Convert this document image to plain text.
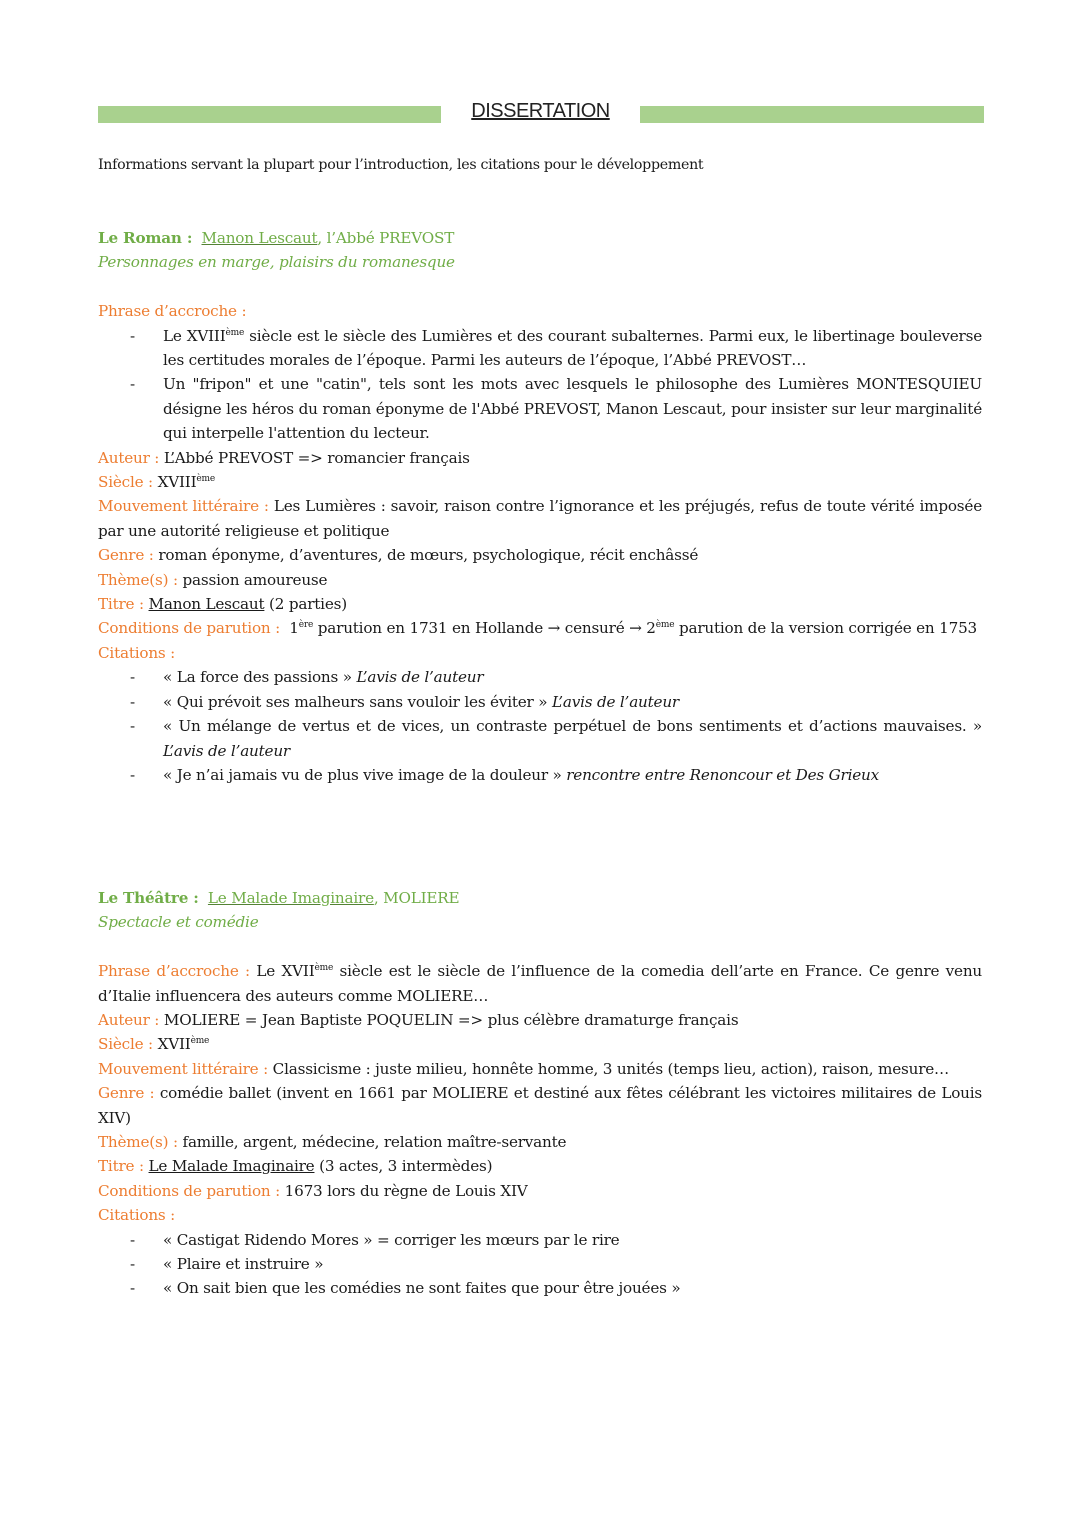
DISSERTATION
Informations servant la plupart pour l’introduction, les citations pour le développement
Le Roman : Manon Lescaut, l’Abbé PREVOST
Personnages en marge, plaisirs du romanesque
Phrase d’accroche :
- Le XVIIIème siècle est le siècle des Lumières et des courant subalternes. Parmi eux, le libertinage bouleverse les certitudes morales de l’époque. Parmi les auteurs de l’époque, l’Abbé PREVOST…
- Un "fripon" et une "catin", tels sont les mots avec lesquels le philosophe des Lumières MONTESQUIEU désigne les héros du roman éponyme de l'Abbé PREVOST, Manon Lescaut, pour insister sur leur marginalité qui interpelle l'attention du lecteur.
Auteur : L’Abbé PREVOST => romancier français
Siècle : XVIIIème
Mouvement littéraire : Les Lumières : savoir, raison contre l’ignorance et les préjugés, refus de toute vérité imposée par une autorité religieuse et politique
Genre : roman éponyme, d’aventures, de mœurs, psychologique, récit enchâssé
Thème(s) : passion amoureuse
Titre : Manon Lescaut (2 parties)
Conditions de parution : 1ère parution en 1731 en Hollande → censuré → 2ème parution de la version corrigée en 1753
Citations :
- « La force des passions » L’avis de l’auteur
- « Qui prévoit ses malheurs sans vouloir les éviter » L’avis de l’auteur
- « Un mélange de vertus et de vices, un contraste perpétuel de bons sentiments et d’actions mauvaises. » L’avis de l’auteur
- « Je n’ai jamais vu de plus vive image de la douleur » rencontre entre Renoncour et Des Grieux
Le Théâtre : Le Malade Imaginaire, MOLIERE
Spectacle et comédie
Phrase d’accroche : Le XVIIème siècle est le siècle de l’influence de la comedia dell’arte en France. Ce genre venu d’Italie influencera des auteurs comme MOLIERE…
Auteur : MOLIERE = Jean Baptiste POQUELIN => plus célèbre dramaturge français
Siècle : XVIIème
Mouvement littéraire : Classicisme : juste milieu, honnête homme, 3 unités (temps lieu, action), raison, mesure…
Genre : comédie ballet (invent en 1661 par MOLIERE et destiné aux fêtes célébrant les victoires militaires de Louis XIV)
Thème(s) : famille, argent, médecine, relation maître-servante
Titre : Le Malade Imaginaire (3 actes, 3 intermèdes)
Conditions de parution : 1673 lors du règne de Louis XIV
Citations :
- « Castigat Ridendo Mores » = corriger les mœurs par le rire
- « Plaire et instruire »
- « On sait bien que les comédies ne sont faites que pour être jouées »
